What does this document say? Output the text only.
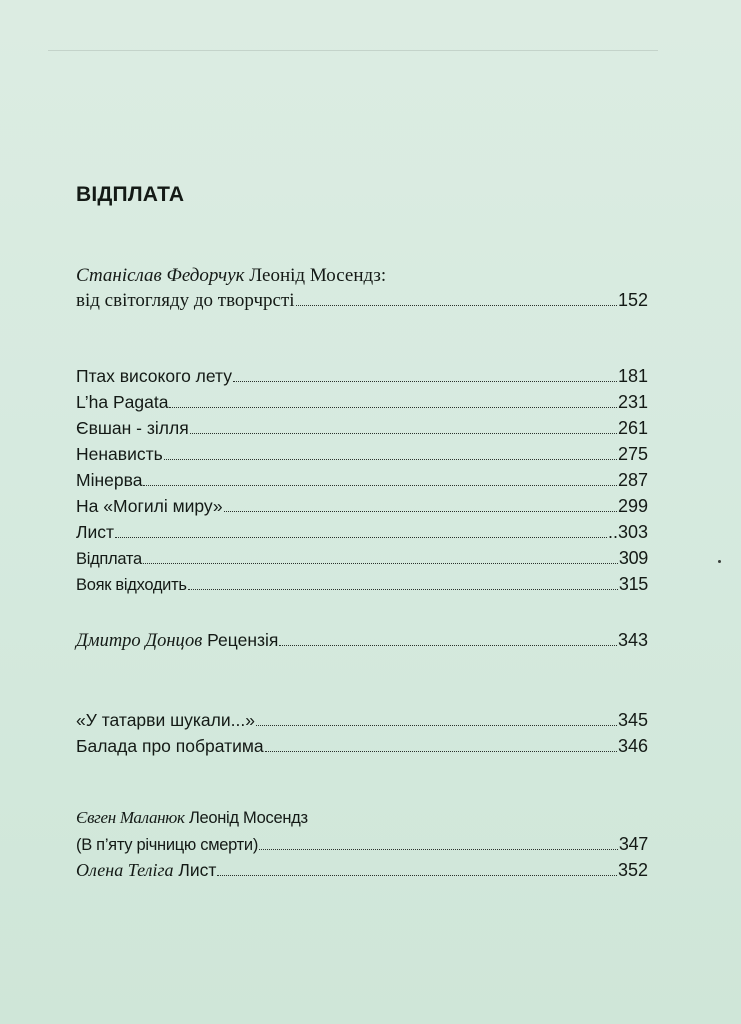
ВІДПЛАТА
Станіслав Федорчук
Леонід Мосендз:
від світогляду до творчрсті	152
Птах високого лету	181
L’ha Pagata	231
Євшан - зілля	261
Ненависть	275
Мінерва	287
На «Могилі миру»	299
Лист	..303
Відплата	309
Вояк відходить	315
Дмитро Донцов
Рецензія	343
«У татарви шукали...»	345
Балада про побратима	346
Євген Маланюк
Леонід Мосендз
(В п’яту річницю смерти)	347
Олена Теліга
Лист	352
